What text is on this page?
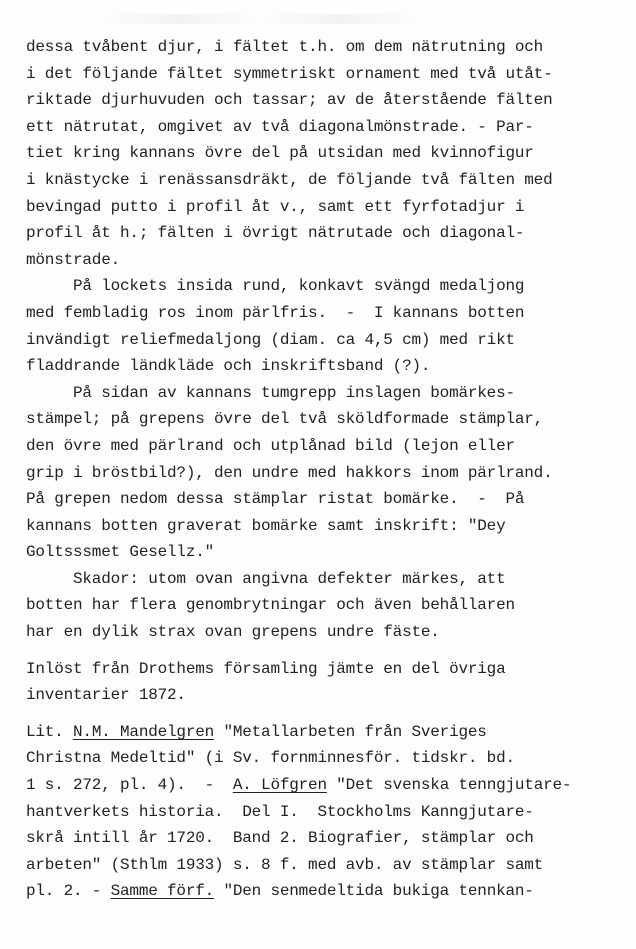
dessa tvåbent djur, i fältet t.h. om dem nätrutning och
i det följande fältet symmetriskt ornament med två utåt-
riktade djurhuvuden och tassar; av de återstående fälten
ett nätrutat, omgivet av två diagonalmönstrade. - Par-
tiet kring kannans övre del på utsidan med kvinnofigur
i knästycke i renässansdräkt, de följande två fälten med
bevingad putto i profil åt v., samt ett fyrfotadjur i
profil åt h.; fälten i övrigt nätrutade och diagonal-
mönstrade.
På lockets insida rund, konkavt svängd medaljong
med fembladig ros inom pärlfris.  -  I kannans botten
invändigt reliefmedaljong (diam. ca 4,5 cm) med rikt
fladdrande ländkläde och inskriftsband (?).
På sidan av kannans tumgrepp inslagen bomärkes-
stämpel; på grepens övre del två sköldformade stämplar,
den övre med pärlrand och utplånad bild (lejon eller
grip i bröstbild?), den undre med hakkors inom pärlrand.
På grepen nedom dessa stämplar ristat bomärke.  -  På
kannans botten graverat bomärke samt inskrift: "Dey
Goltsssmet Gesellz."
Skador: utom ovan angivna defekter märkes, att
botten har flera genombrytningar och även behållaren
har en dylik strax ovan grepens undre fäste.
Inlöst från Drothems församling jämte en del övriga
inventarier 1872.
Lit. N.M. Mandelgren "Metallarbeten från Sveriges
Christna Medeltid" (i Sv. fornminnesför. tidskr. bd.
1 s. 272, pl. 4).  -  A. Löfgren "Det svenska tenngjutare-
hantverkets historia.  Del I.  Stockholms Kanngjutare-
skrå intill år 1720.  Band 2. Biografier, stämplar och
arbeten" (Sthlm 1933) s. 8 f. med avb. av stämplar samt
pl. 2. - Samme förf. "Den senmedeltida bukiga tennkan-
